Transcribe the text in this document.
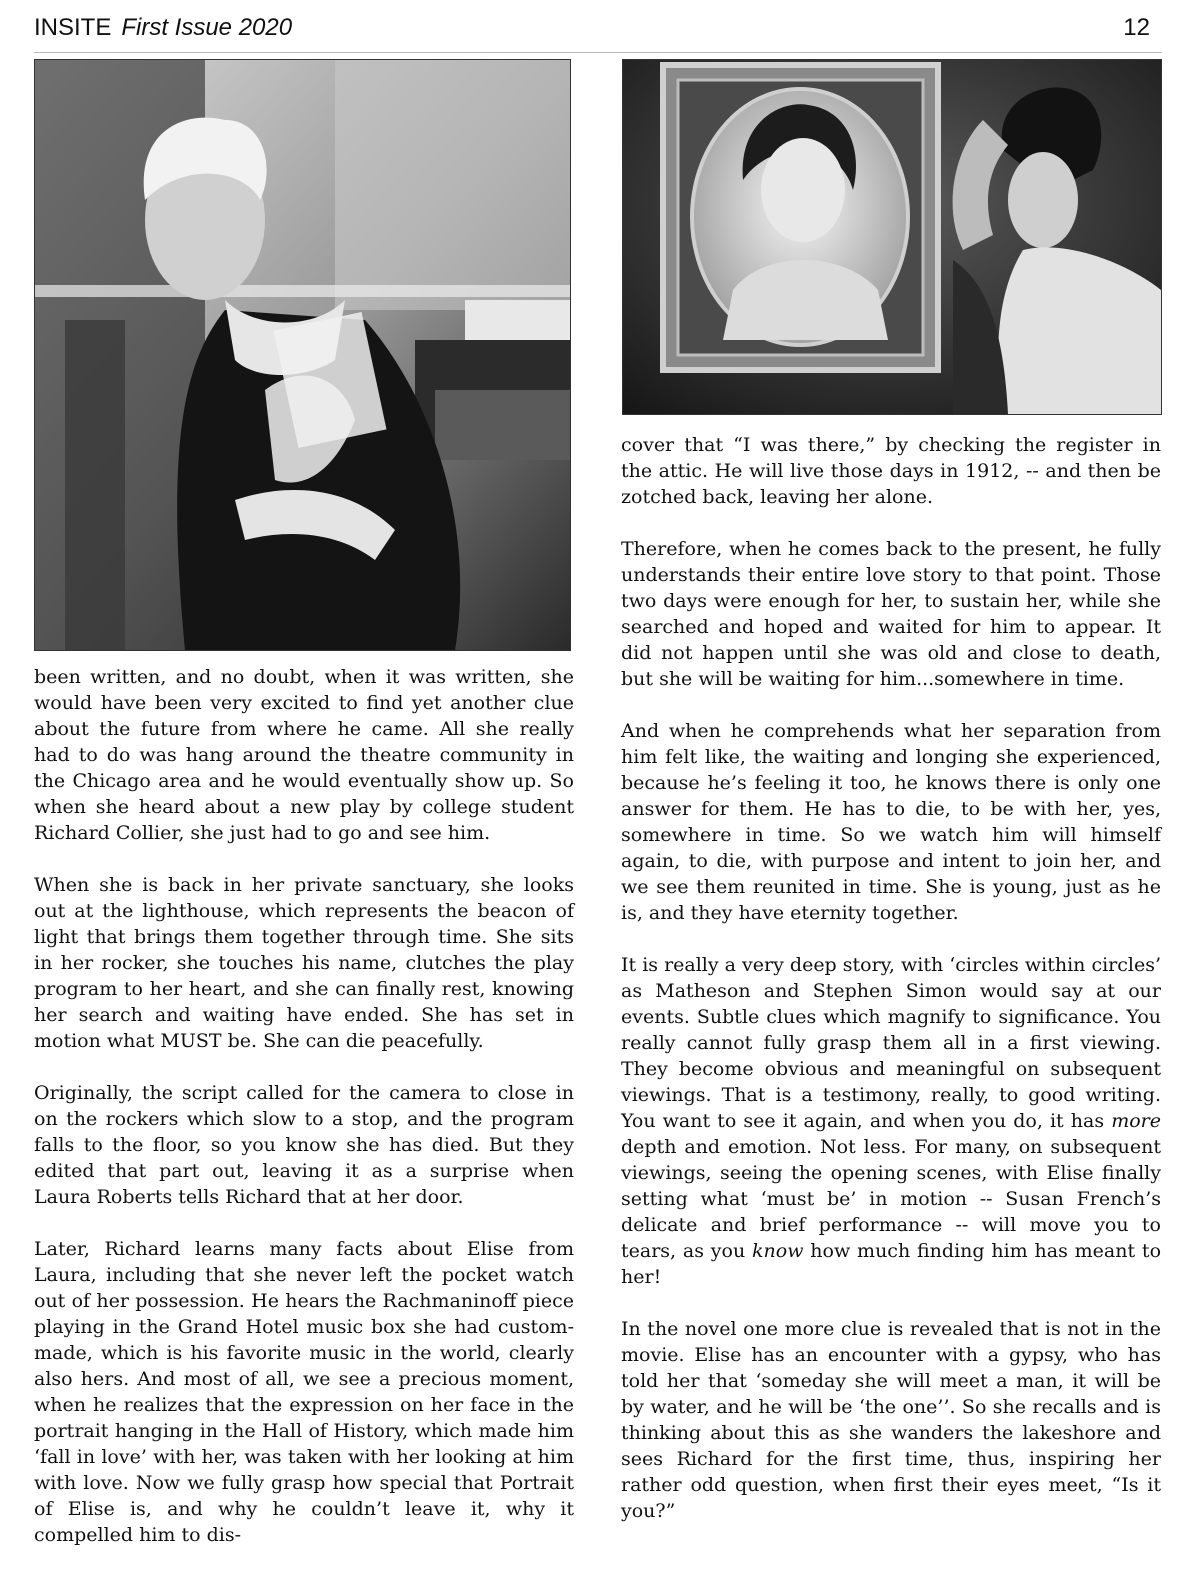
INSITE First Issue 2020	12

been written, and no doubt, when it was written, she would have been very excited to find yet another clue about the future from where he came. All she really had to do was hang around the theatre community in the Chicago area and he would eventually show up. So when she heard about a new play by college student Richard Collier, she just had to go and see him.

When she is back in her private sanctuary, she looks out at the lighthouse, which represents the beacon of light that brings them together through time. She sits in her rocker, she touches his name, clutches the play program to her heart, and she can finally rest, knowing her search and waiting have ended. She has set in motion what MUST be. She can die peacefully.

Originally, the script called for the camera to close in on the rockers which slow to a stop, and the program falls to the floor, so you know she has died. But they edited that part out, leaving it as a surprise when Laura Roberts tells Richard that at her door.

Later, Richard learns many facts about Elise from Laura, including that she never left the pocket watch out of her possession. He hears the Rachmaninoff piece playing in the Grand Hotel music box she had custom-made, which is his favorite music in the world, clearly also hers. And most of all, we see a precious moment, when he realizes that the expression on her face in the portrait hanging in the Hall of History, which made him ‘fall in love’ with her, was taken with her looking at him with love. Now we fully grasp how special that Portrait of Elise is, and why he couldn’t leave it, why it compelled him to dis-

cover that “I was there,” by checking the register in the attic. He will live those days in 1912, -- and then be zotched back, leaving her alone.

Therefore, when he comes back to the present, he fully understands their entire love story to that point. Those two days were enough for her, to sustain her, while she searched and hoped and waited for him to appear. It did not happen until she was old and close to death, but she will be waiting for him...somewhere in time.

And when he comprehends what her separation from him felt like, the waiting and longing she experienced, because he’s feeling it too, he knows there is only one answer for them. He has to die, to be with her, yes, somewhere in time. So we watch him will himself again, to die, with purpose and intent to join her, and we see them reunited in time. She is young, just as he is, and they have eternity together.

It is really a very deep story, with ‘circles within circles’ as Matheson and Stephen Simon would say at our events. Subtle clues which magnify to significance. You really cannot fully grasp them all in a first viewing. They become obvious and meaningful on subsequent viewings. That is a testimony, really, to good writing. You want to see it again, and when you do, it has more depth and emotion. Not less. For many, on subsequent viewings, seeing the opening scenes, with Elise finally setting what ‘must be’ in motion -- Susan French’s delicate and brief performance -- will move you to tears, as you know how much finding him has meant to her!

In the novel one more clue is revealed that is not in the movie. Elise has an encounter with a gypsy, who has told her that ‘someday she will meet a man, it will be by water, and he will be ‘the one’’. So she recalls and is thinking about this as she wanders the lakeshore and sees Richard for the first time, thus, inspiring her rather odd question, when first their eyes meet, “Is it you?”
